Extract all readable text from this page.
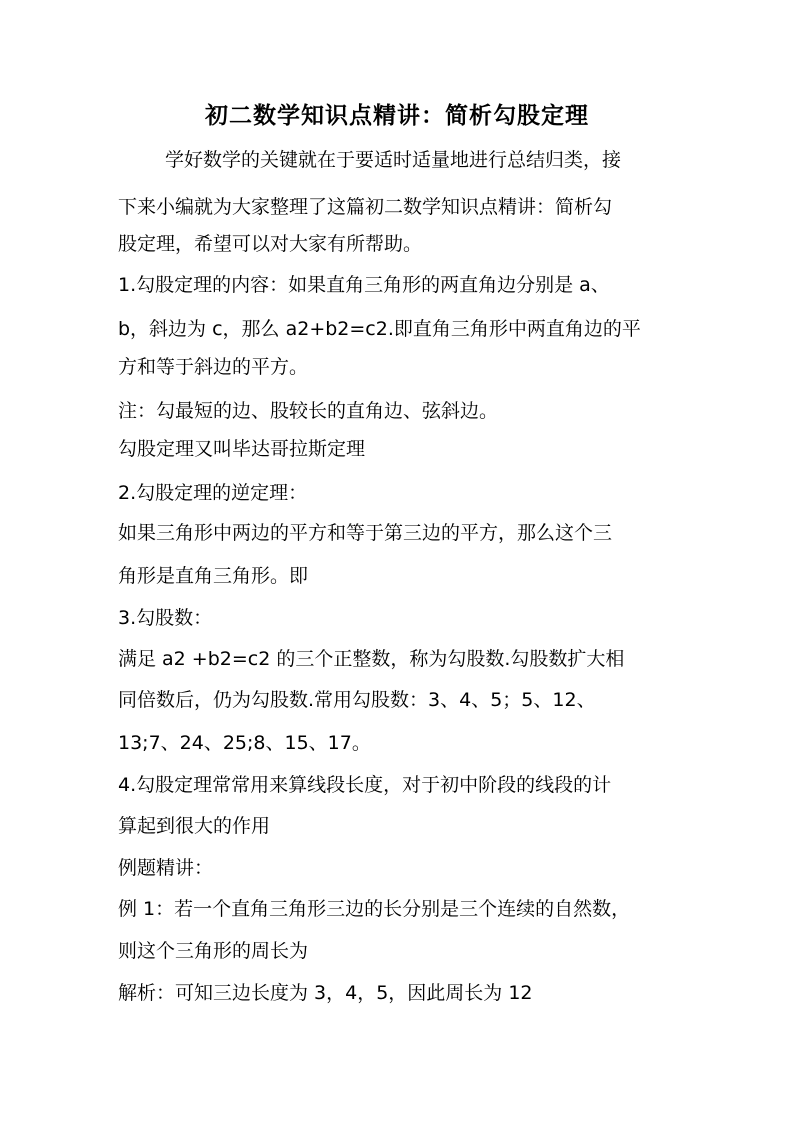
初二数学知识点精讲：简析勾股定理
学好数学的关键就在于要适时适量地进行总结归类，接
下来小编就为大家整理了这篇初二数学知识点精讲：简析勾
股定理，希望可以对大家有所帮助。
1.勾股定理的内容：如果直角三角形的两直角边分别是 a、
b，斜边为 c，那么 a2+b2=c2.即直角三角形中两直角边的平
方和等于斜边的平方。
注：勾最短的边、股较长的直角边、弦斜边。
勾股定理又叫毕达哥拉斯定理
2.勾股定理的逆定理：
如果三角形中两边的平方和等于第三边的平方，那么这个三
角形是直角三角形。即
3.勾股数：
满足 a2 +b2=c2 的三个正整数，称为勾股数.勾股数扩大相
同倍数后，仍为勾股数.常用勾股数：3、4、5；5、12、
13;7、24、25;8、15、17。
4.勾股定理常常用来算线段长度，对于初中阶段的线段的计
算起到很大的作用
例题精讲：
例 1：若一个直角三角形三边的长分别是三个连续的自然数，
则这个三角形的周长为
解析：可知三边长度为 3，4，5，因此周长为 12
